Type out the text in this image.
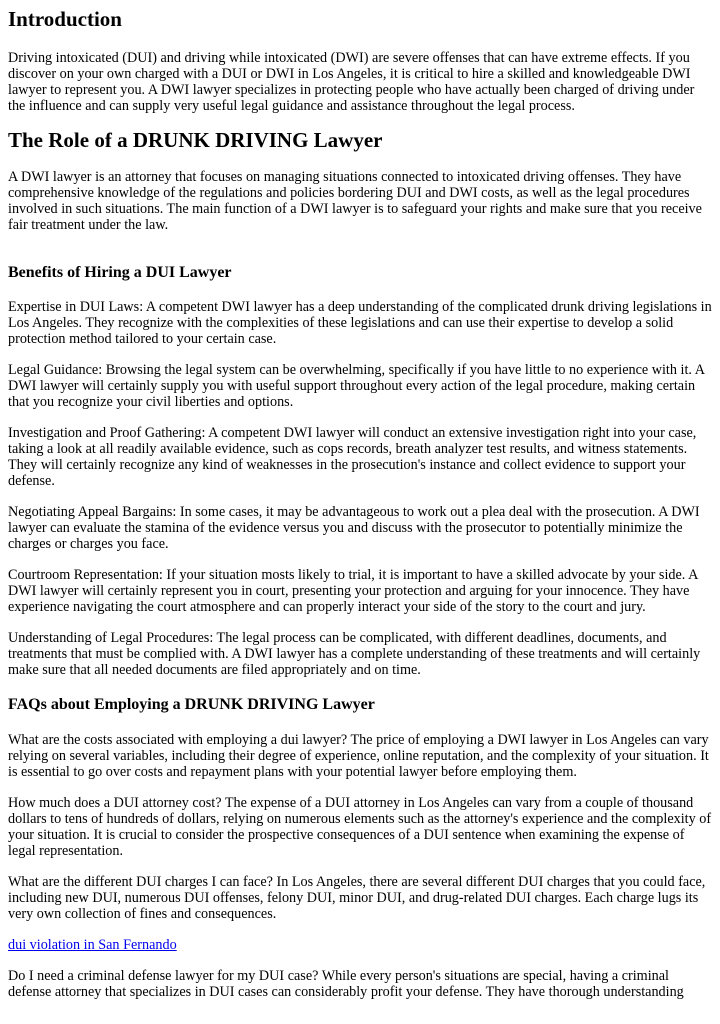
Introduction

Driving intoxicated (DUI) and driving while intoxicated (DWI) are severe offenses that can have extreme effects. If you discover on your own charged with a DUI or DWI in Los Angeles, it is critical to hire a skilled and knowledgeable DWI lawyer to represent you. A DWI lawyer specializes in protecting people who have actually been charged of driving under the influence and can supply very useful legal guidance and assistance throughout the legal process.

The Role of a DRUNK DRIVING Lawyer

A DWI lawyer is an attorney that focuses on managing situations connected to intoxicated driving offenses. They have comprehensive knowledge of the regulations and policies bordering DUI and DWI costs, as well as the legal procedures involved in such situations. The main function of a DWI lawyer is to safeguard your rights and make sure that you receive fair treatment under the law.

Benefits of Hiring a DUI Lawyer

Expertise in DUI Laws: A competent DWI lawyer has a deep understanding of the complicated drunk driving legislations in Los Angeles. They recognize with the complexities of these legislations and can use their expertise to develop a solid protection method tailored to your certain case.

Legal Guidance: Browsing the legal system can be overwhelming, specifically if you have little to no experience with it. A DWI lawyer will certainly supply you with useful support throughout every action of the legal procedure, making certain that you recognize your civil liberties and options.

Investigation and Proof Gathering: A competent DWI lawyer will conduct an extensive investigation right into your case, taking a look at all readily available evidence, such as cops records, breath analyzer test results, and witness statements. They will certainly recognize any kind of weaknesses in the prosecution's instance and collect evidence to support your defense.

Negotiating Appeal Bargains: In some cases, it may be advantageous to work out a plea deal with the prosecution. A DWI lawyer can evaluate the stamina of the evidence versus you and discuss with the prosecutor to potentially minimize the charges or charges you face.

Courtroom Representation: If your situation mosts likely to trial, it is important to have a skilled advocate by your side. A DWI lawyer will certainly represent you in court, presenting your protection and arguing for your innocence. They have experience navigating the court atmosphere and can properly interact your side of the story to the court and jury.

Understanding of Legal Procedures: The legal process can be complicated, with different deadlines, documents, and treatments that must be complied with. A DWI lawyer has a complete understanding of these treatments and will certainly make sure that all needed documents are filed appropriately and on time.

FAQs about Employing a DRUNK DRIVING Lawyer

What are the costs associated with employing a dui lawyer? The price of employing a DWI lawyer in Los Angeles can vary relying on several variables, including their degree of experience, online reputation, and the complexity of your situation. It is essential to go over costs and repayment plans with your potential lawyer before employing them.

How much does a DUI attorney cost? The expense of a DUI attorney in Los Angeles can vary from a couple of thousand dollars to tens of hundreds of dollars, relying on numerous elements such as the attorney's experience and the complexity of your situation. It is crucial to consider the prospective consequences of a DUI sentence when examining the expense of legal representation.

What are the different DUI charges I can face? In Los Angeles, there are several different DUI charges that you could face, including new DUI, numerous DUI offenses, felony DUI, minor DUI, and drug-related DUI charges. Each charge lugs its very own collection of fines and consequences.

dui violation in San Fernando

Do I need a criminal defense lawyer for my DUI case? While every person's situations are special, having a criminal defense attorney that specializes in DUI cases can considerably profit your defense. They have thorough understanding
